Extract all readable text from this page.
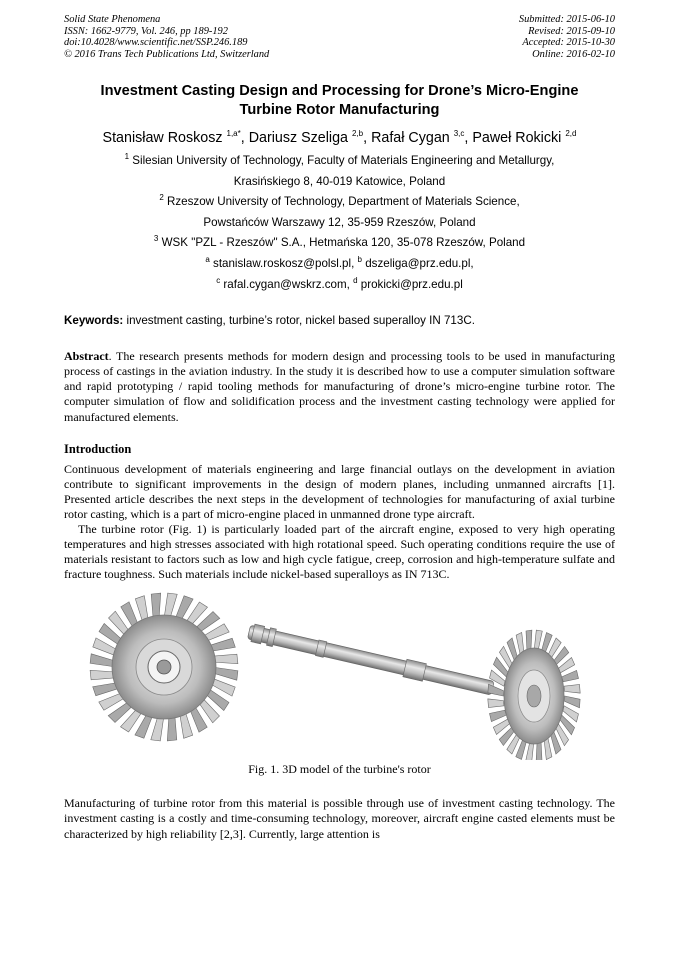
Solid State Phenomena
ISSN: 1662-9779, Vol. 246, pp 189-192
doi:10.4028/www.scientific.net/SSP.246.189
© 2016 Trans Tech Publications Ltd, Switzerland
Submitted: 2015-06-10
Revised: 2015-09-10
Accepted: 2015-10-30
Online: 2016-02-10
Investment Casting Design and Processing for Drone’s Micro-Engine
Turbine Rotor Manufacturing
Stanisław Roskosz $^{1,a*}$, Dariusz Szeliga $^{2,b}$, Rafał Cygan $^{3,c}$, Paweł Rokicki $^{2,d}$
$^1$ Silesian University of Technology, Faculty of Materials Engineering and Metallurgy,
Krasińskiego 8, 40-019 Katowice, Poland
$^2$ Rzeszow University of Technology, Department of Materials Science,
Powstańców Warszawy 12, 35-959 Rzeszów, Poland
$^3$ WSK "PZL - Rzeszów" S.A., Hetmańska 120, 35-078 Rzeszów, Poland
$^a$ stanislaw.roskosz@polsl.pl, $^b$ dszeliga@prz.edu.pl,
$^c$ rafal.cygan@wskrz.com, $^d$ prokicki@prz.edu.pl
Keywords: investment casting, turbine’s rotor, nickel based superalloy IN 713C.
Abstract. The research presents methods for modern design and processing tools to be used in manufacturing process of castings in the aviation industry. In the study it is described how to use a computer simulation software and rapid prototyping / rapid tooling methods for manufacturing of drone’s micro-engine turbine rotor. The computer simulation of flow and solidification process and the investment casting technology were applied for manufactured elements.
Introduction

Continuous development of materials engineering and large financial outlays on the development in aviation contribute to significant improvements in the design of modern planes, including unmanned aircrafts [1]. Presented article describes the next steps in the development of technologies for manufacturing of axial turbine rotor casting, which is a part of micro-engine placed in unmanned drone type aircraft.

The turbine rotor (Fig. 1) is particularly loaded part of the aircraft engine, exposed to very high operating temperatures and high stresses associated with high rotational speed. Such operating conditions require the use of materials resistant to factors such as low and high cycle fatigue, creep, corrosion and high-temperature sulfate and fracture toughness. Such materials include nickel-based superalloys as IN 713C.

Fig. 1. 3D model of the turbine's rotor

Manufacturing of turbine rotor from this material is possible through use of investment casting technology. The investment casting is a costly and time-consuming technology, moreover, aircraft engine casted elements must be characterized by high reliability [2,3]. Currently, large attention is
